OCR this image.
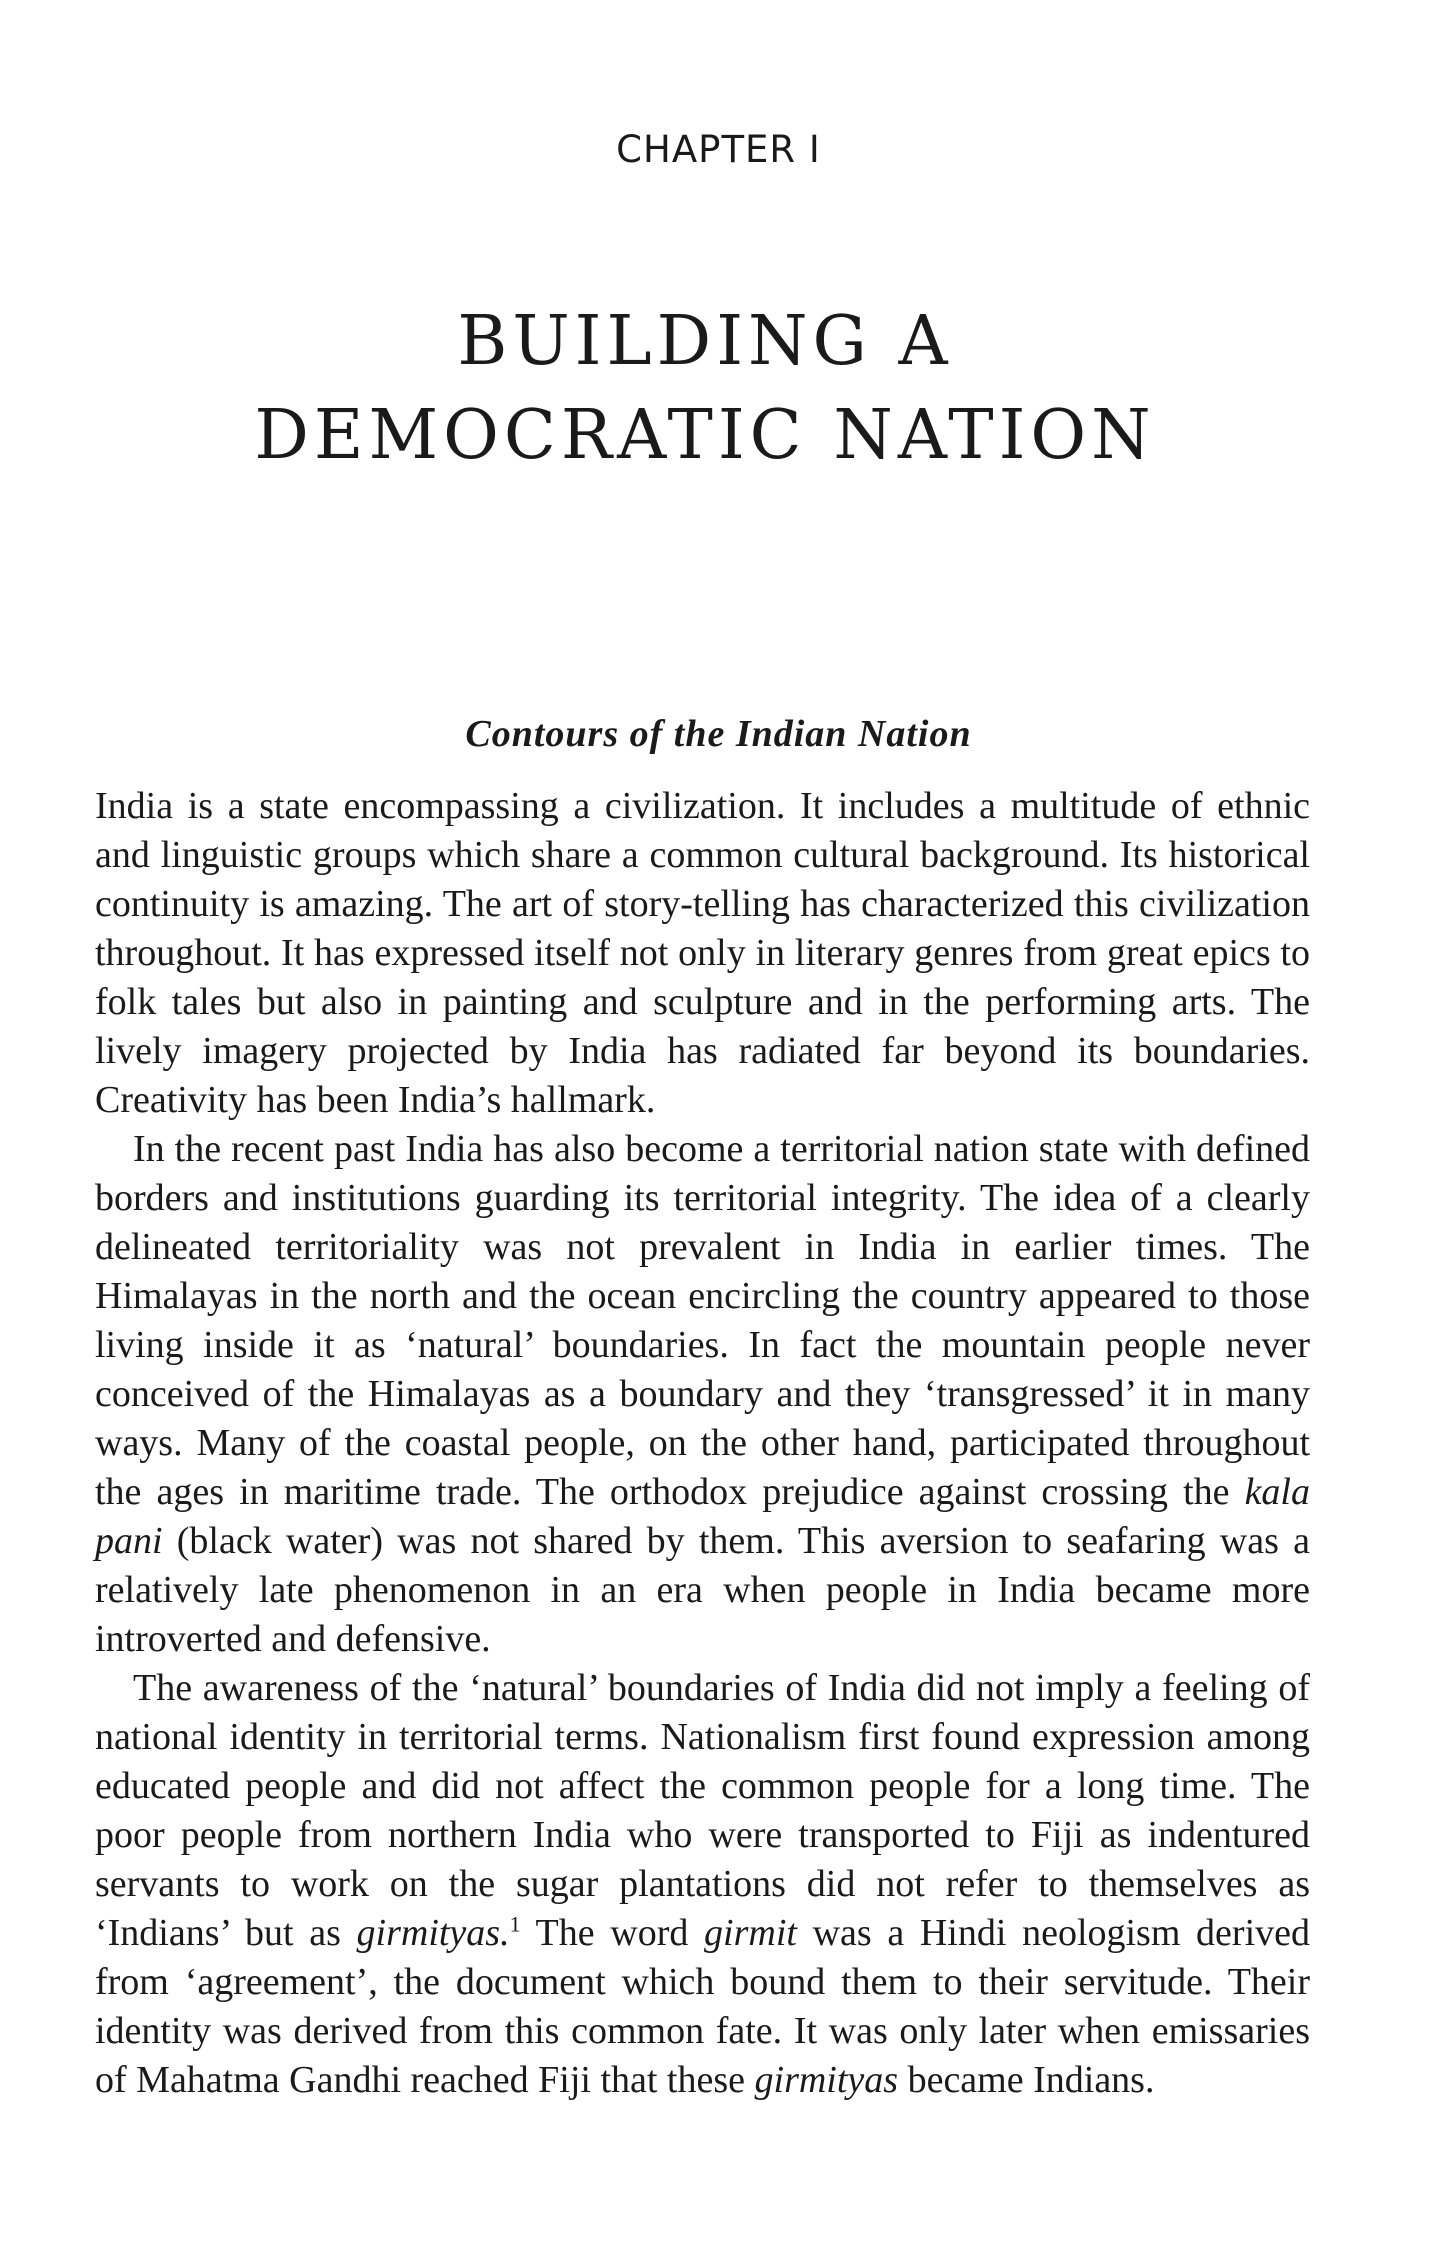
CHAPTER I
BUILDING A DEMOCRATIC NATION
Contours of the Indian Nation

India is a state encompassing a civilization. It includes a multitude of ethnic and linguistic groups which share a common cultural background. Its historical continuity is amazing. The art of story-telling has characterized this civilization throughout. It has expressed itself not only in literary genres from great epics to folk tales but also in painting and sculpture and in the performing arts. The lively imagery projected by India has radiated far beyond its boundaries. Creativity has been India’s hallmark.

In the recent past India has also become a territorial nation state with defined borders and institutions guarding its territorial integrity. The idea of a clearly delineated territoriality was not prevalent in India in earlier times. The Himalayas in the north and the ocean encircling the country appeared to those living inside it as ‘natural’ boundaries. In fact the mountain people never conceived of the Himalayas as a boundary and they ‘transgressed’ it in many ways. Many of the coastal people, on the other hand, participated throughout the ages in maritime trade. The orthodox prejudice against crossing the kala pani (black water) was not shared by them. This aversion to seafaring was a relatively late phenomenon in an era when people in India became more introverted and defensive.

The awareness of the ‘natural’ boundaries of India did not imply a feeling of national identity in territorial terms. Nationalism first found expression among educated people and did not affect the common people for a long time. The poor people from northern India who were transported to Fiji as indentured servants to work on the sugar plantations did not refer to themselves as ‘Indians’ but as girmityas.$^1$ The word girmit was a Hindi neologism derived from ‘agreement’, the document which bound them to their servitude. Their identity was derived from this common fate. It was only later when emissaries of Mahatma Gandhi reached Fiji that these girmityas became Indians.
